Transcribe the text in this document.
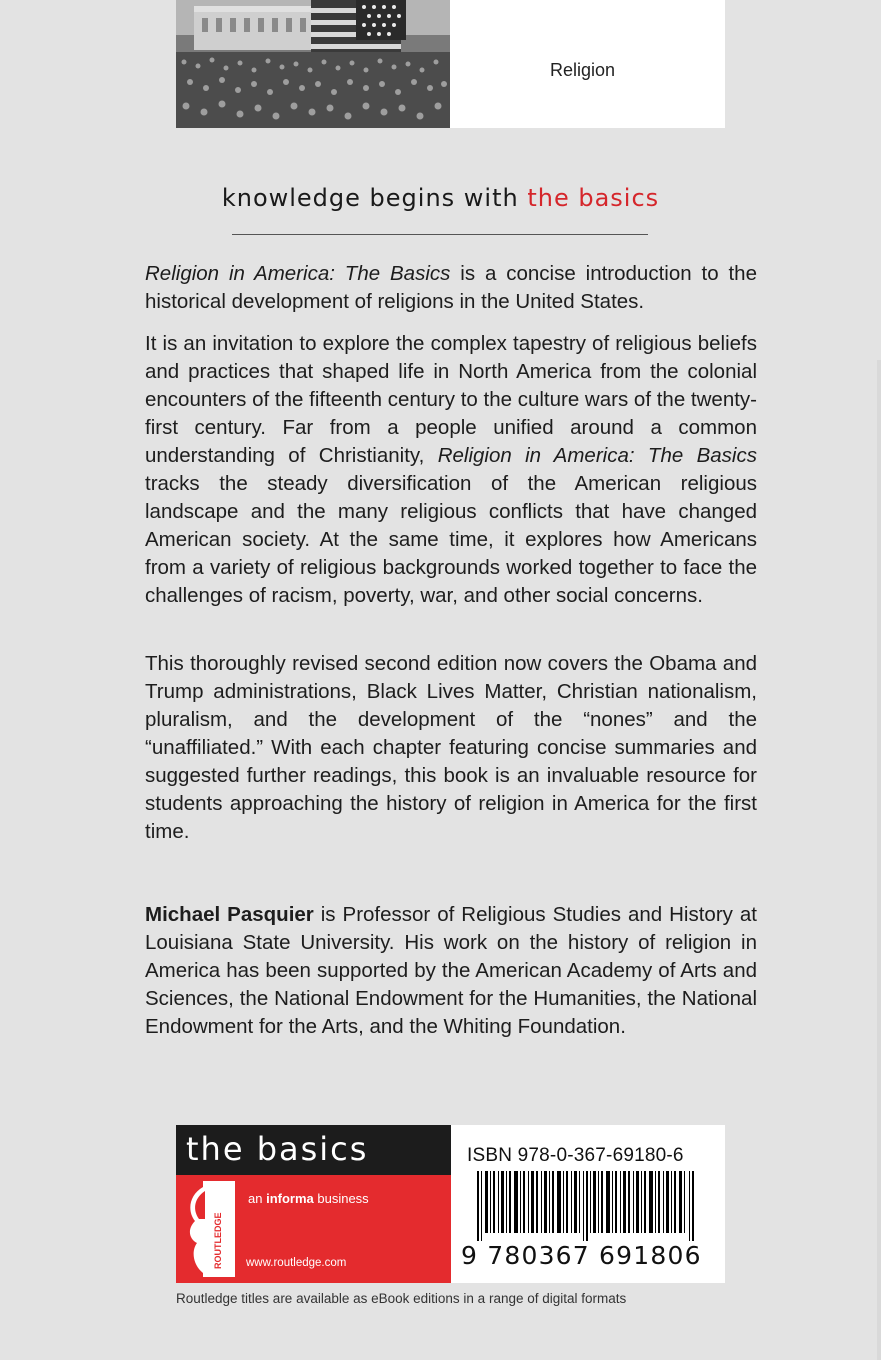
Religion
knowledge begins with the basics

Religion in America: The Basics is a concise introduction to the historical development of religions in the United States.

It is an invitation to explore the complex tapestry of religious beliefs and practices that shaped life in North America from the colonial encounters of the fifteenth century to the culture wars of the twenty-first century. Far from a people unified around a common understanding of Christianity, Religion in America: The Basics tracks the steady diversification of the American religious landscape and the many religious conflicts that have changed American society. At the same time, it explores how Americans from a variety of religious backgrounds worked together to face the challenges of racism, poverty, war, and other social concerns.

This thoroughly revised second edition now covers the Obama and Trump administrations, Black Lives Matter, Christian nationalism, pluralism, and the development of the “nones” and the “unaffiliated.” With each chapter featuring concise summaries and suggested further readings, this book is an invaluable resource for students approaching the history of religion in America for the first time.

Michael Pasquier is Professor of Religious Studies and History at Louisiana State University. His work on the history of religion in America has been supported by the American Academy of Arts and Sciences, the National Endowment for the Humanities, the National Endowment for the Arts, and the Whiting Foundation.

the basics
ROUTLEDGE
an informa business
www.routledge.com
ISBN 978-0-367-69180-6
9 780367 691806
Routledge titles are available as eBook editions in a range of digital formats
